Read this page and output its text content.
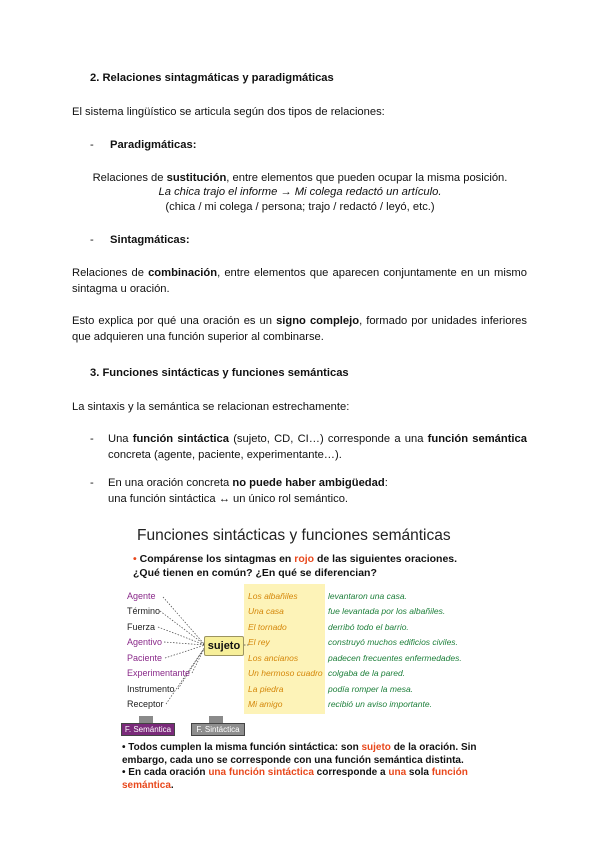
2. Relaciones sintagmáticas y paradigmáticas
El sistema lingüístico se articula según dos tipos de relaciones:
- Paradigmáticas:
Relaciones de sustitución, entre elementos que pueden ocupar la misma posición.
La chica trajo el informe → Mi colega redactó un artículo.
(chica / mi colega / persona; trajo / redactó / leyó, etc.)
- Sintagmáticas:
Relaciones de combinación, entre elementos que aparecen conjuntamente en un mismo
sintagma u oración.
Esto explica por qué una oración es un signo complejo, formado por unidades inferiores
que adquieren una función superior al combinarse.
3. Funciones sintácticas y funciones semánticas
La sintaxis y la semántica se relacionan estrechamente:
- Una función sintáctica (sujeto, CD, CI…) corresponde a una función semántica
concreta (agente, paciente, experimentante…).
- En una oración concreta no puede haber ambigüedad:
una función sintáctica ↔ un único rol semántico.
Funciones sintácticas y funciones semánticas
• Compárense los sintagmas en rojo de las siguientes oraciones.
¿Qué tienen en común? ¿En qué se diferencian?
Agente
Término
Fuerza
Agentivo
Paciente
Experimentante
Instrumento
Receptor
sujeto
Los albañiles
Una casa
El tornado
El rey
Los ancianos
Un hermoso cuadro
La piedra
Mi amigo
levantaron una casa.
fue levantada por los albañiles.
derribó todo el barrio.
construyó muchos edificios civiles.
padecen frecuentes enfermedades.
colgaba de la pared.
podía romper la mesa.
recibió un aviso importante.
F. Semántica	F. Sintáctica
• Todos cumplen la misma función sintáctica: son sujeto de la oración. Sin
embargo, cada uno se corresponde con una función semántica distinta.
• En cada oración una función sintáctica corresponde a una sola función
semántica.
